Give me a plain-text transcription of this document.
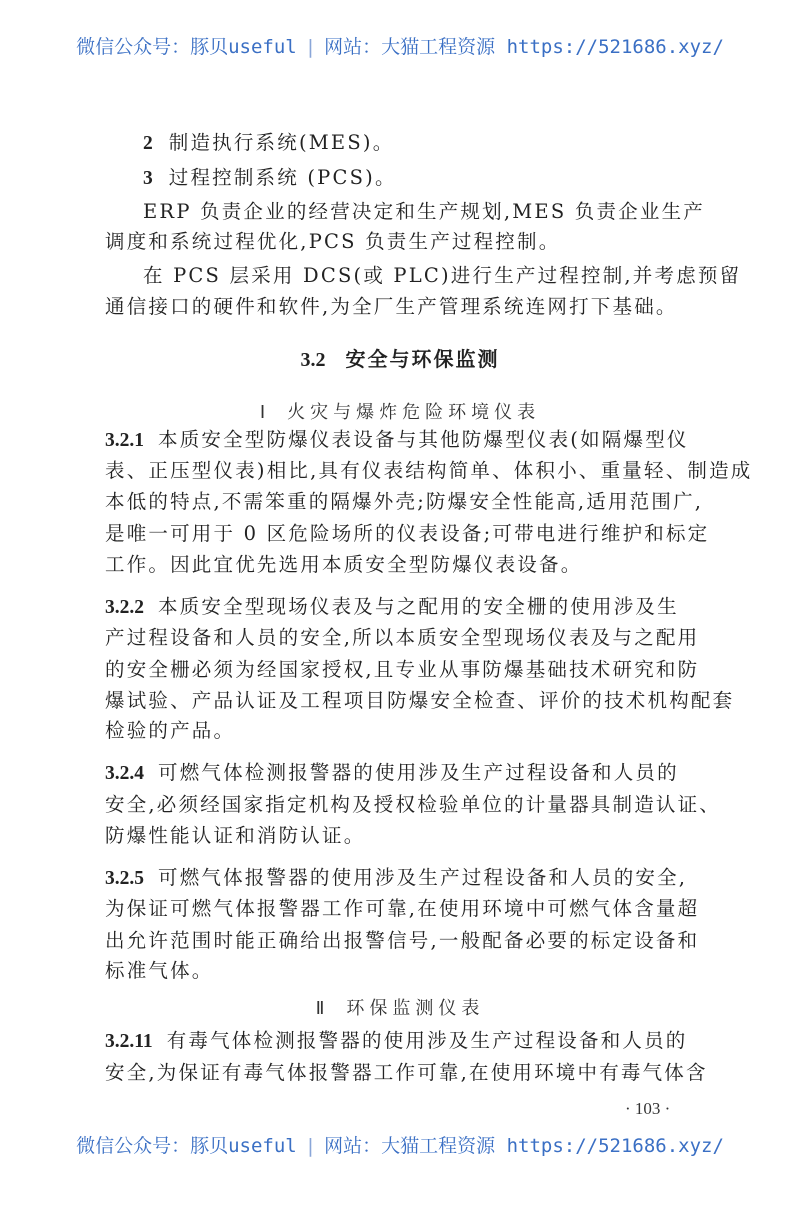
微信公众号：豚贝useful | 网站：大猫工程资源 https://521686.xyz/
2 制造执行系统(MES)。
3 过程控制系统 (PCS)。
ERP 负责企业的经营决定和生产规划,MES 负责企业生产
调度和系统过程优化,PCS 负责生产过程控制。
在 PCS 层采用 DCS(或 PLC)进行生产过程控制,并考虑预留
通信接口的硬件和软件,为全厂生产管理系统连网打下基础。
3.2 安全与环保监测
Ⅰ 火灾与爆炸危险环境仪表
3.2.1 本质安全型防爆仪表设备与其他防爆型仪表(如隔爆型仪
表、正压型仪表)相比,具有仪表结构简单、体积小、重量轻、制造成
本低的特点,不需笨重的隔爆外壳;防爆安全性能高,适用范围广,
是唯一可用于 0 区危险场所的仪表设备;可带电进行维护和标定
工作。因此宜优先选用本质安全型防爆仪表设备。
3.2.2 本质安全型现场仪表及与之配用的安全栅的使用涉及生
产过程设备和人员的安全,所以本质安全型现场仪表及与之配用
的安全栅必须为经国家授权,且专业从事防爆基础技术研究和防
爆试验、产品认证及工程项目防爆安全检查、评价的技术机构配套
检验的产品。
3.2.4 可燃气体检测报警器的使用涉及生产过程设备和人员的
安全,必须经国家指定机构及授权检验单位的计量器具制造认证、
防爆性能认证和消防认证。
3.2.5 可燃气体报警器的使用涉及生产过程设备和人员的安全,
为保证可燃气体报警器工作可靠,在使用环境中可燃气体含量超
出允许范围时能正确给出报警信号,一般配备必要的标定设备和
标准气体。
Ⅱ 环保监测仪表
3.2.11 有毒气体检测报警器的使用涉及生产过程设备和人员的
安全,为保证有毒气体报警器工作可靠,在使用环境中有毒气体含
· 103 ·
微信公众号：豚贝useful | 网站：大猫工程资源 https://521686.xyz/
